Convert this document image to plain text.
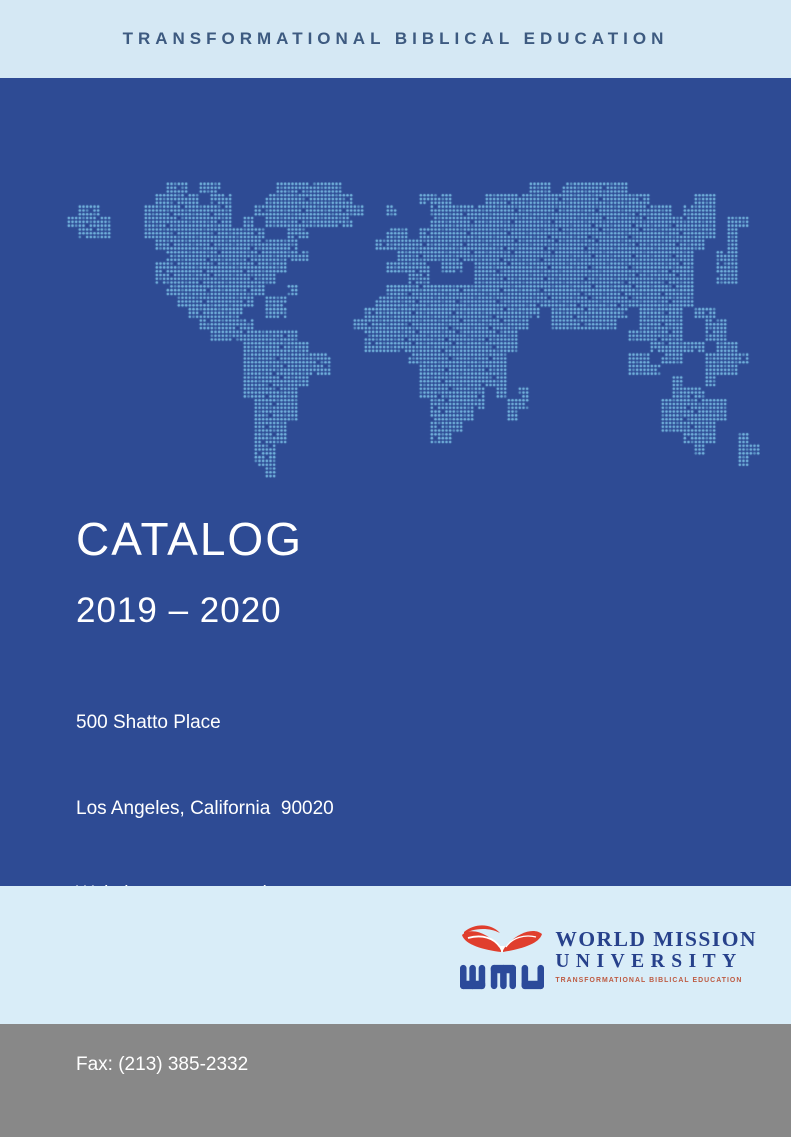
TRANSFORMATIONAL BIBLICAL EDUCATION
CATALOG
2019 – 2020

500 Shatto Place

Los Angeles, California  90020

Fax: (213) 385-2332

WORLD MISSION
UNIVERSITY
TRANSFORMATIONAL BIBLICAL EDUCATION
